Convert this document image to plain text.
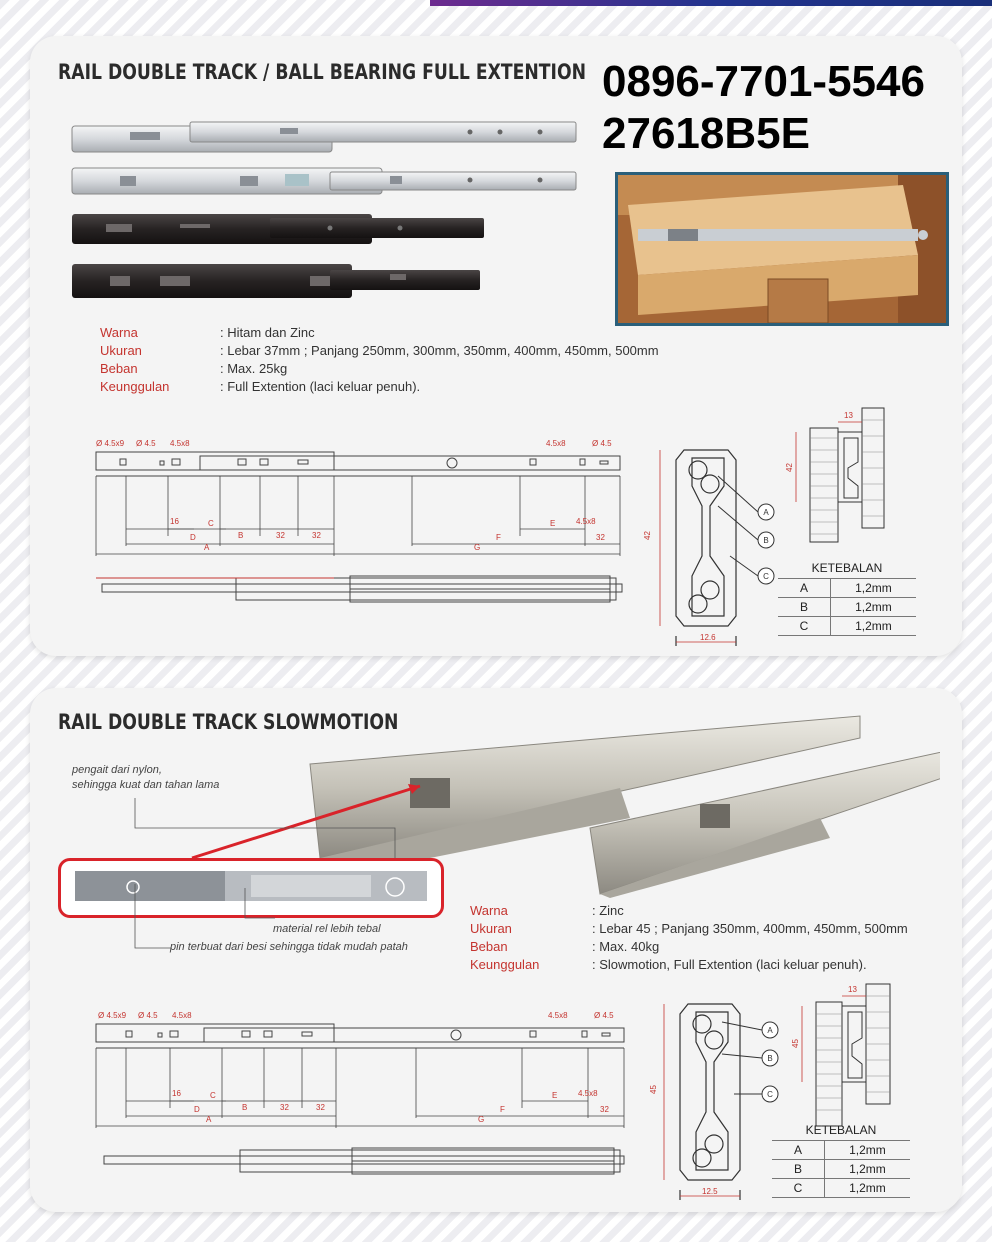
RAIL DOUBLE TRACK / BALL BEARING FULL EXTENTION 0896-7701-5546
27618B5E
Warna	: Hitam dan Zinc
Ukuran	: Lebar 37mm ; Panjang 250mm, 300mm, 350mm, 400mm, 450mm, 500mm
Beban	: Max. 25kg
Keunggulan	: Full Extention (laci keluar penuh).
Ø 4.5x9 Ø 4.5 4.5x8	4.5x8	Ø 4.5
4.5x8
B	32	32
E
C
F	32
D
A	G
16
A
B
C
42
12.6
42
13
KETEBALAN
A	1,2mm
B	1,2mm
C	1,2mm
RAIL DOUBLE TRACK SLOWMOTION
pengait dari nylon,
sehingga kuat dan tahan lama
material rel lebih tebal
pin terbuat dari besi sehingga tidak mudah patah
Warna	: Zinc
Ukuran	: Lebar 45 ; Panjang 350mm, 400mm, 450mm, 500mm
Beban	: Max. 40kg
Keunggulan	: Slowmotion, Full Extention (laci keluar penuh).
Ø 4.5x9 Ø 4.5 4.5x8	4.5x8	Ø 4.5
4.5x8
B	32	32
E
C
F	32
D
A	G
16
A
B
C
45
12.5
45
13
KETEBALAN
A	1,2mm
B	1,2mm
C	1,2mm
